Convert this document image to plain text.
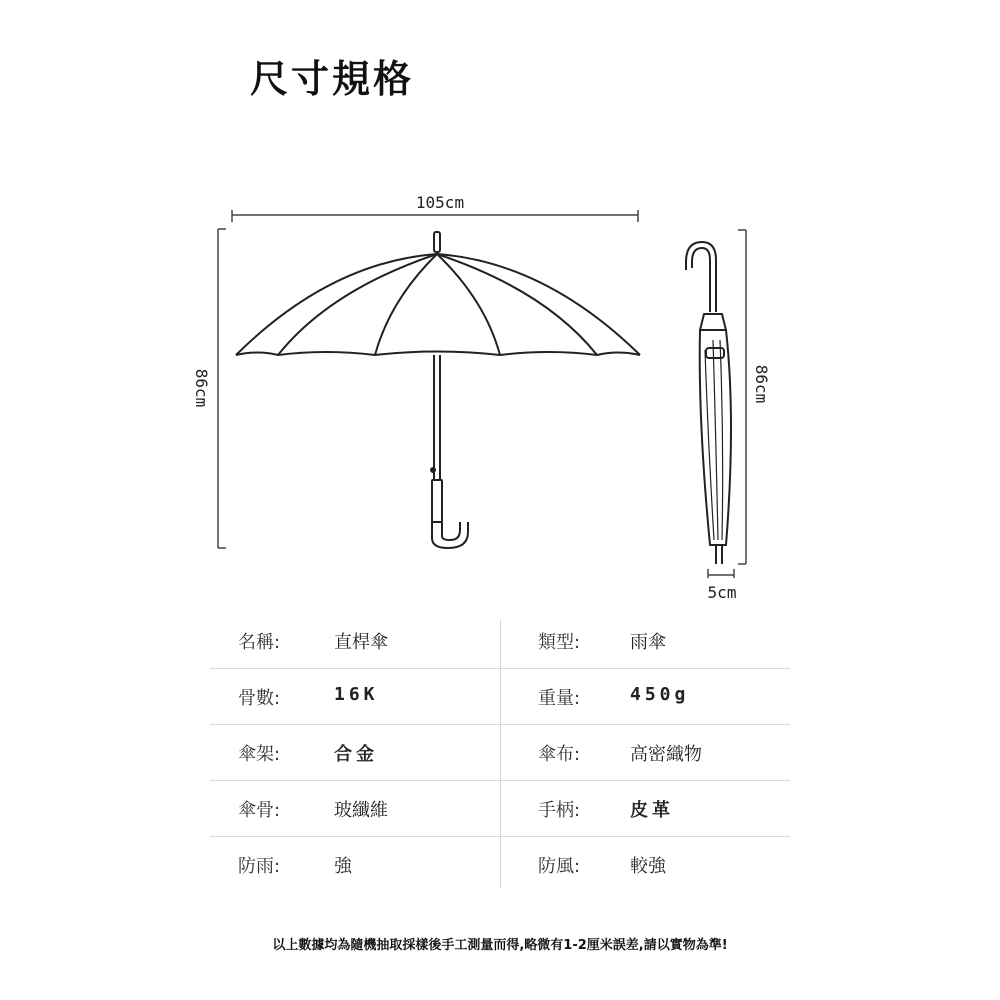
尺寸規格
105cm
86cm	86cm
5cm
名稱:	直桿傘	類型:	雨傘
骨數:	16K	重量:	450g
傘架:	合金	傘布:	高密織物
傘骨:	玻纖維	手柄:	皮革
防雨:	強	防風:	較強
以上數據均為隨機抽取採樣後手工測量而得,略微有1-2厘米誤差,請以實物為準!
